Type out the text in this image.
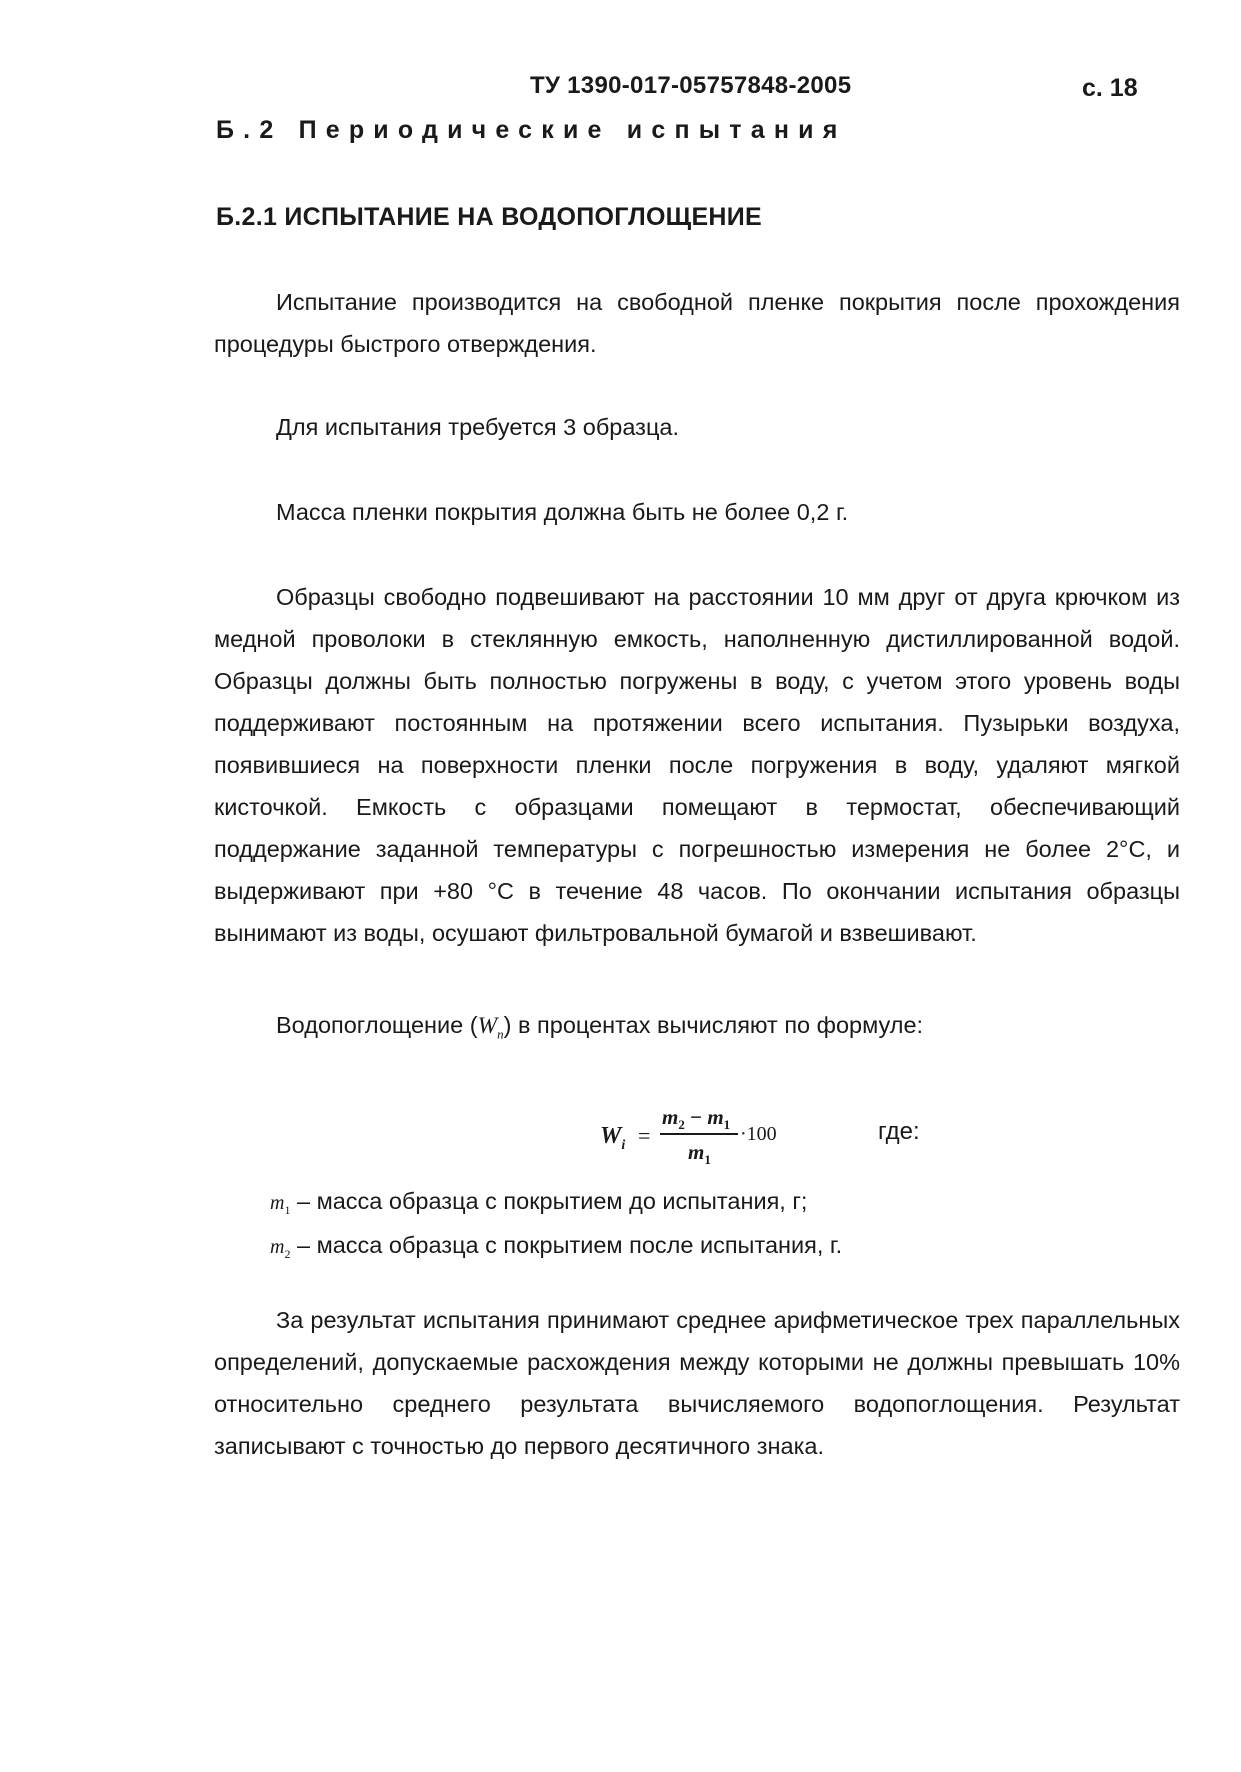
ТУ 1390-017-05757848-2005	с. 18
Б.2 Периодические испытания
Б.2.1 ИСПЫТАНИЕ НА ВОДОПОГЛОЩЕНИЕ

Испытание производится на свободной пленке покрытия после прохождения процедуры быстрого отверждения.

Для испытания требуется 3 образца.

Масса пленки покрытия должна быть не более 0,2 г.

Образцы свободно подвешивают на расстоянии 10 мм друг от друга крючком из медной проволоки в стеклянную емкость, наполненную дистиллированной водой. Образцы должны быть полностью погружены в воду, с учетом этого уровень воды поддерживают постоянным на протяжении всего испытания. Пузырьки воздуха, появившиеся на поверхности пленки после погружения в воду, удаляют мягкой кисточкой. Емкость с образцами помещают в термостат, обеспечивающий поддержание заданной температуры с погрешностью измерения не более 2°С, и выдерживают при +80 °С в течение 48 часов. По окончании испытания образцы вынимают из воды, осушают фильтровальной бумагой и взвешивают.

Водопоглощение $(W_п)$ в процентах вычисляют по формуле:

$W_і$ =
$m_2 - m_1$
$m_1$
·100	где:
$m_1$ – масса образца с покрытием до испытания, г;
$m_2$ – масса образца с покрытием после испытания, г.

За результат испытания принимают среднее арифметическое трех параллельных определений, допускаемые расхождения между которыми не должны превышать 10% относительно среднего результата вычисляемого водопоглощения. Результат записывают с точностью до первого десятичного знака.
